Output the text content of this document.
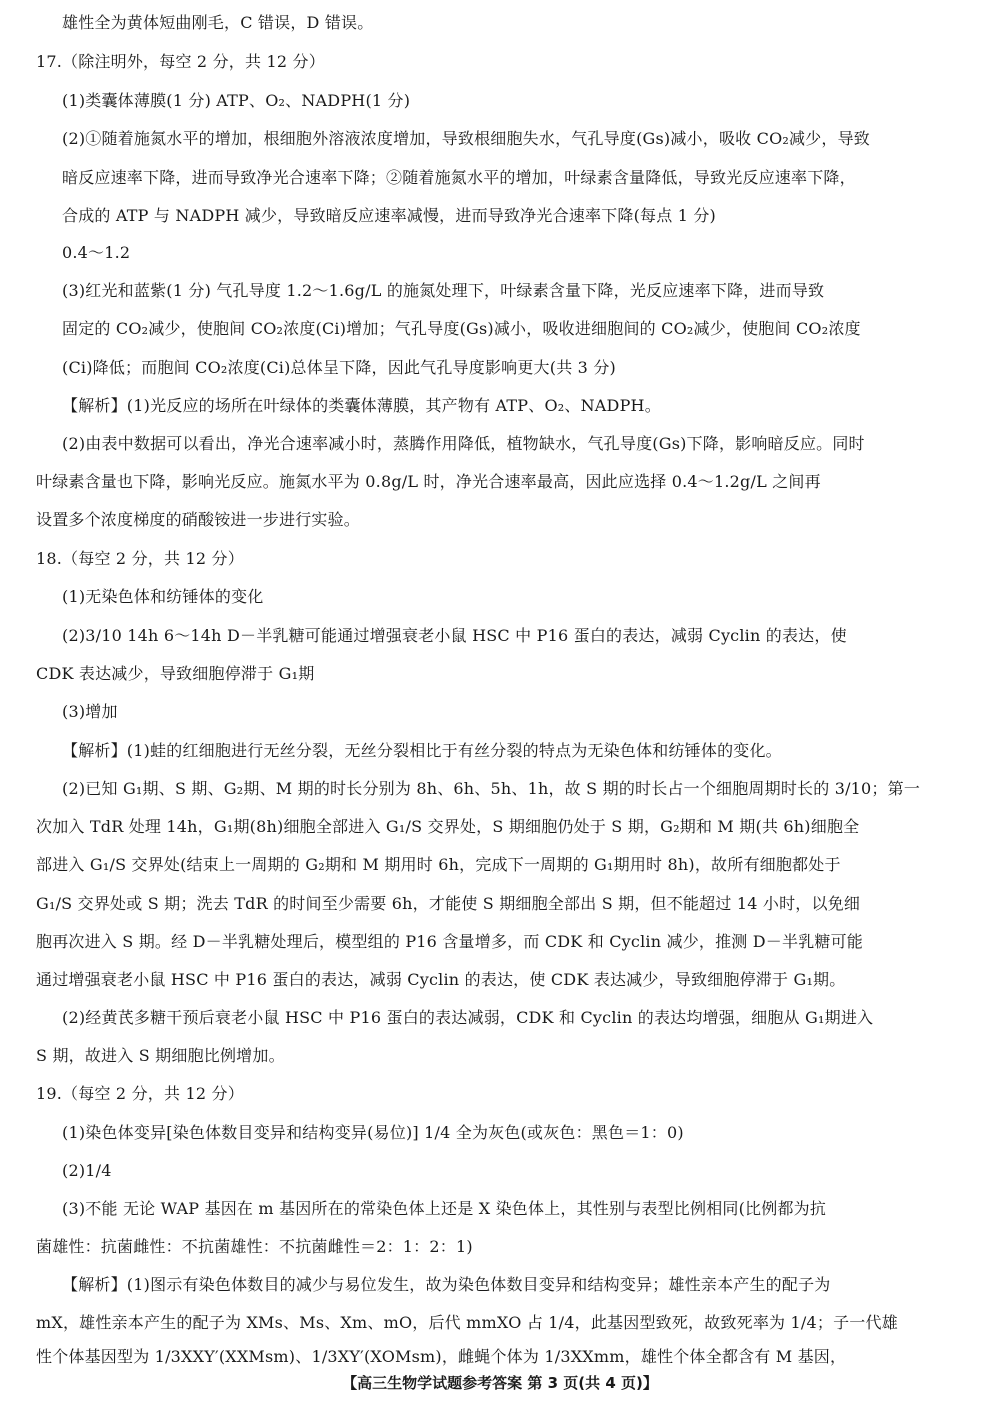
雄性全为黄体短曲刚毛，C 错误，D 错误。
17.（除注明外，每空 2 分，共 12 分）
(1)类囊体薄膜(1 分) ATP、O₂、NADPH(1 分)
(2)①随着施氮水平的增加，根细胞外溶液浓度增加，导致根细胞失水，气孔导度(Gs)减小，吸收 CO₂减少，导致
暗反应速率下降，进而导致净光合速率下降；②随着施氮水平的增加，叶绿素含量降低，导致光反应速率下降，
合成的 ATP 与 NADPH 减少，导致暗反应速率减慢，进而导致净光合速率下降(每点 1 分)
0.4～1.2
(3)红光和蓝紫(1 分) 气孔导度 1.2～1.6g/L 的施氮处理下，叶绿素含量下降，光反应速率下降，进而导致
固定的 CO₂减少，使胞间 CO₂浓度(Ci)增加；气孔导度(Gs)减小，吸收进细胞间的 CO₂减少，使胞间 CO₂浓度
(Ci)降低；而胞间 CO₂浓度(Ci)总体呈下降，因此气孔导度影响更大(共 3 分)
【解析】(1)光反应的场所在叶绿体的类囊体薄膜，其产物有 ATP、O₂、NADPH。
(2)由表中数据可以看出，净光合速率减小时，蒸腾作用降低，植物缺水，气孔导度(Gs)下降，影响暗反应。同时
叶绿素含量也下降，影响光反应。施氮水平为 0.8g/L 时，净光合速率最高，因此应选择 0.4～1.2g/L 之间再
设置多个浓度梯度的硝酸铵进一步进行实验。
18.（每空 2 分，共 12 分）
(1)无染色体和纺锤体的变化
(2)3/10 14h 6～14h D－半乳糖可能通过增强衰老小鼠 HSC 中 P16 蛋白的表达，减弱 Cyclin 的表达，使
CDK 表达减少，导致细胞停滞于 G₁期
(3)增加
【解析】(1)蛙的红细胞进行无丝分裂，无丝分裂相比于有丝分裂的特点为无染色体和纺锤体的变化。
(2)已知 G₁期、S 期、G₂期、M 期的时长分别为 8h、6h、5h、1h，故 S 期的时长占一个细胞周期时长的 3/10；第一
次加入 TdR 处理 14h，G₁期(8h)细胞全部进入 G₁/S 交界处，S 期细胞仍处于 S 期，G₂期和 M 期(共 6h)细胞全
部进入 G₁/S 交界处(结束上一周期的 G₂期和 M 期用时 6h，完成下一周期的 G₁期用时 8h)，故所有细胞都处于
G₁/S 交界处或 S 期；洗去 TdR 的时间至少需要 6h，才能使 S 期细胞全部出 S 期，但不能超过 14 小时，以免细
胞再次进入 S 期。经 D－半乳糖处理后，模型组的 P16 含量增多，而 CDK 和 Cyclin 减少，推测 D－半乳糖可能
通过增强衰老小鼠 HSC 中 P16 蛋白的表达，减弱 Cyclin 的表达，使 CDK 表达减少，导致细胞停滞于 G₁期。
(2)经黄芪多糖干预后衰老小鼠 HSC 中 P16 蛋白的表达减弱，CDK 和 Cyclin 的表达均增强，细胞从 G₁期进入
S 期，故进入 S 期细胞比例增加。
19.（每空 2 分，共 12 分）
(1)染色体变异[染色体数目变异和结构变异(易位)] 1/4 全为灰色(或灰色：黑色＝1：0)
(2)1/4
(3)不能 无论 WAP 基因在 m 基因所在的常染色体上还是 X 染色体上，其性别与表型比例相同(比例都为抗
菌雄性：抗菌雌性：不抗菌雄性：不抗菌雌性＝2：1：2：1)
【解析】(1)图示有染色体数目的减少与易位发生，故为染色体数目变异和结构变异；雄性亲本产生的配子为
mX，雄性亲本产生的配子为 XMs、Ms、Xm、mO，后代 mmXO 占 1/4，此基因型致死，故致死率为 1/4；子一代雄
性个体基因型为 1/3XXY′(XXMsm)、1/3XY′(XOMsm)，雌蝇个体为 1/3XXmm，雄性个体全都含有 M 基因，
【高三生物学试题参考答案 第 3 页(共 4 页)】
